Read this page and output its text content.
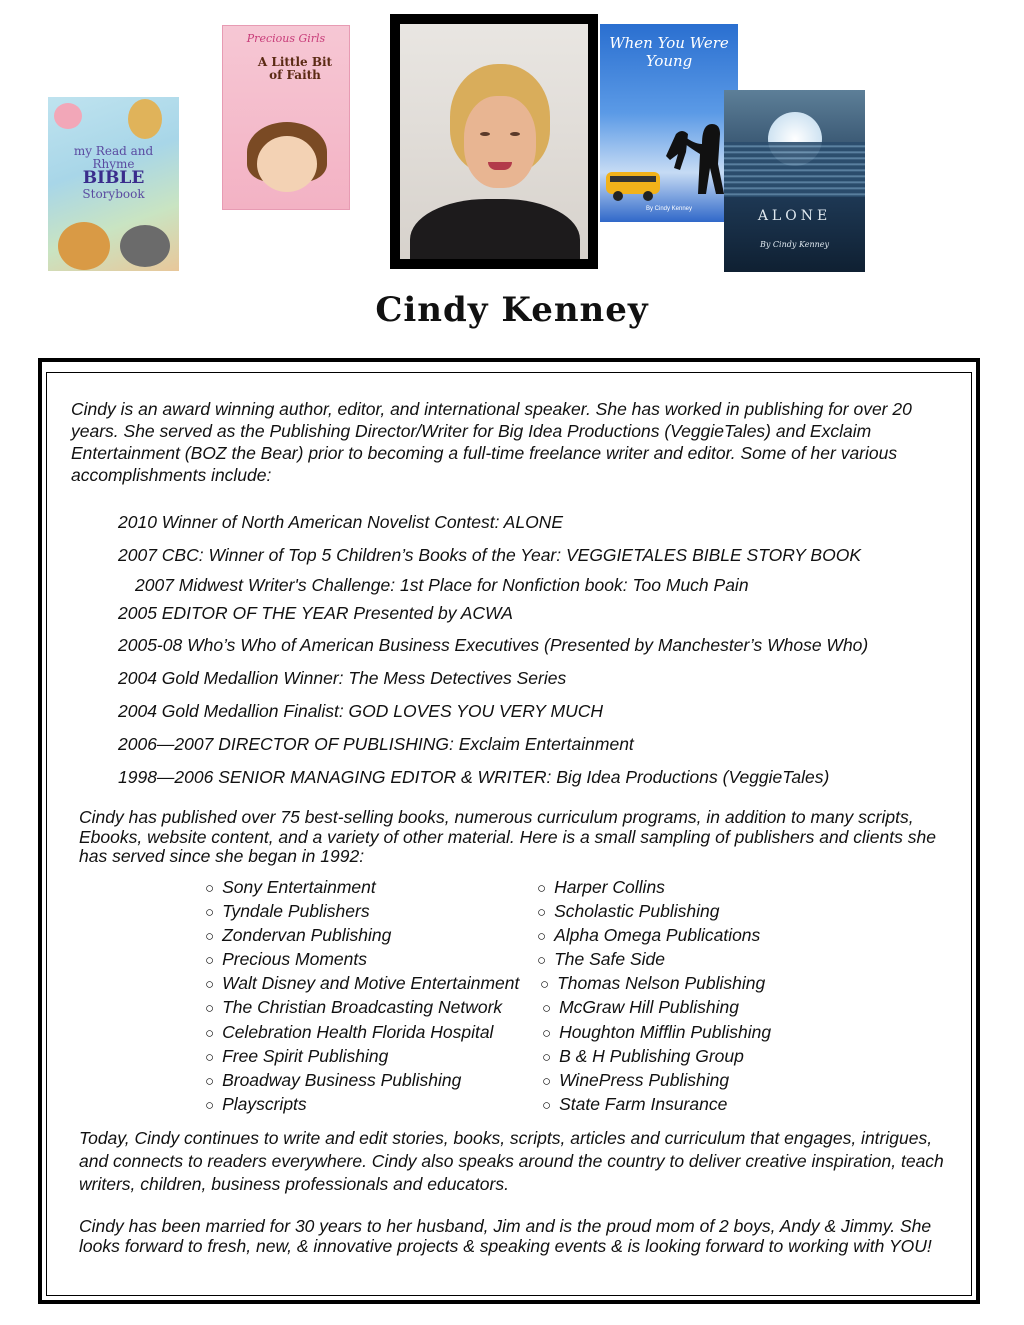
my Read and
Rhyme
BIBLE
Storybook
Precious Girls
A Little Bit of Faith
When You Were Young
By Cindy Kenney	ALONE
By Cindy Kenney
Cindy Kenney
Cindy is an award winning author, editor, and international speaker. She has worked in publishing for over 20 years. She served as the Publishing Director/Writer for Big Idea Productions (VeggieTales) and Exclaim Entertainment (BOZ the Bear) prior to becoming a full-time freelance writer and editor. Some of her various accomplishments include:
2010 Winner of North American Novelist Contest: ALONE
2007 CBC: Winner of Top 5 Children’s Books of the Year: VEGGIETALES BIBLE STORY BOOK
2007 Midwest Writer's Challenge: 1st Place for Nonfiction book: Too Much Pain
2005 EDITOR OF THE YEAR Presented by ACWA
2005-08 Who’s Who of American Business Executives (Presented by Manchester’s Whose Who)
2004 Gold Medallion Winner: The Mess Detectives Series
2004 Gold Medallion Finalist: GOD LOVES YOU VERY MUCH
2006—2007 DIRECTOR OF PUBLISHING: Exclaim Entertainment
1998—2006 SENIOR MANAGING EDITOR & WRITER: Big Idea Productions (VeggieTales)
Cindy has published over 75 best-selling books, numerous curriculum programs, in addition to many scripts, Ebooks, website content, and a variety of other material. Here is a small sampling of publishers and clients she has served since she began in 1992:
○ Sony Entertainment
○ Tyndale Publishers
○ Zondervan Publishing
○ Precious Moments
○ Walt Disney and Motive Entertainment
○ The Christian Broadcasting Network
○ Celebration Health Florida Hospital
○ Free Spirit Publishing
○ Broadway Business Publishing
○ Playscripts
○ Harper Collins
○ Scholastic Publishing
○ Alpha Omega Publications
○ The Safe Side
○ Thomas Nelson Publishing
○ McGraw Hill Publishing
○ Houghton Mifflin Publishing
○ B & H Publishing Group
○ WinePress Publishing
○ State Farm Insurance
Today, Cindy continues to write and edit stories, books, scripts, articles and curriculum that engages, intrigues, and connects to readers everywhere. Cindy also speaks around the country to deliver creative inspiration, teach writers, children, business professionals and educators.
Cindy has been married for 30 years to her husband, Jim and is the proud mom of 2 boys, Andy & Jimmy. She looks forward to fresh, new, & innovative projects & speaking events & is looking forward to working with YOU!
